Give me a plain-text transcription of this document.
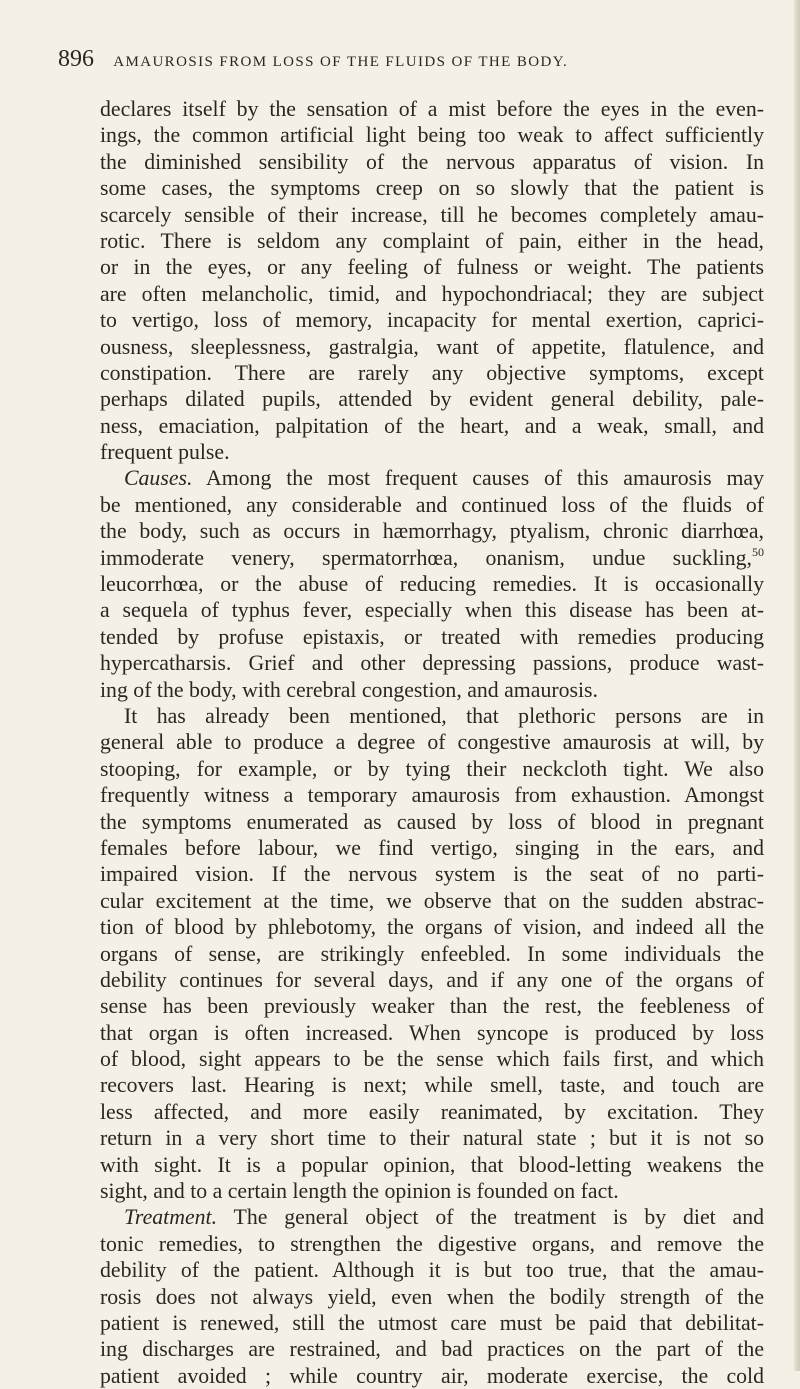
896 AMAUROSIS FROM LOSS OF THE FLUIDS OF THE BODY.
declares itself by the sensation of a mist before the eyes in the even-
ings, the common artificial light being too weak to affect sufficiently
the diminished sensibility of the nervous apparatus of vision. In
some cases, the symptoms creep on so slowly that the patient is
scarcely sensible of their increase, till he becomes completely amau-
rotic. There is seldom any complaint of pain, either in the head,
or in the eyes, or any feeling of fulness or weight. The patients
are often melancholic, timid, and hypochondriacal; they are subject
to vertigo, loss of memory, incapacity for mental exertion, caprici-
ousness, sleeplessness, gastralgia, want of appetite, flatulence, and
constipation. There are rarely any objective symptoms, except
perhaps dilated pupils, attended by evident general debility, pale-
ness, emaciation, palpitation of the heart, and a weak, small, and
frequent pulse.
Causes. Among the most frequent causes of this amaurosis may
be mentioned, any considerable and continued loss of the fluids of
the body, such as occurs in hæmorrhagy, ptyalism, chronic diarrhœa,
immoderate venery, spermatorrhœa, onanism, undue suckling,$^{50}$
leucorrhœa, or the abuse of reducing remedies. It is occasionally
a sequela of typhus fever, especially when this disease has been at-
tended by profuse epistaxis, or treated with remedies producing
hypercatharsis. Grief and other depressing passions, produce wast-
ing of the body, with cerebral congestion, and amaurosis.
It has already been mentioned, that plethoric persons are in
general able to produce a degree of congestive amaurosis at will, by
stooping, for example, or by tying their neckcloth tight. We also
frequently witness a temporary amaurosis from exhaustion. Amongst
the symptoms enumerated as caused by loss of blood in pregnant
females before labour, we find vertigo, singing in the ears, and
impaired vision. If the nervous system is the seat of no parti-
cular excitement at the time, we observe that on the sudden abstrac-
tion of blood by phlebotomy, the organs of vision, and indeed all the
organs of sense, are strikingly enfeebled. In some individuals the
debility continues for several days, and if any one of the organs of
sense has been previously weaker than the rest, the feebleness of
that organ is often increased. When syncope is produced by loss
of blood, sight appears to be the sense which fails first, and which
recovers last. Hearing is next; while smell, taste, and touch are
less affected, and more easily reanimated, by excitation. They
return in a very short time to their natural state ; but it is not so
with sight. It is a popular opinion, that blood-letting weakens the
sight, and to a certain length the opinion is founded on fact.
Treatment. The general object of the treatment is by diet and
tonic remedies, to strengthen the digestive organs, and remove the
debility of the patient. Although it is but too true, that the amau-
rosis does not always yield, even when the bodily strength of the
patient is renewed, still the utmost care must be paid that debilitat-
ing discharges are restrained, and bad practices on the part of the
patient avoided ; while country air, moderate exercise, the cold
